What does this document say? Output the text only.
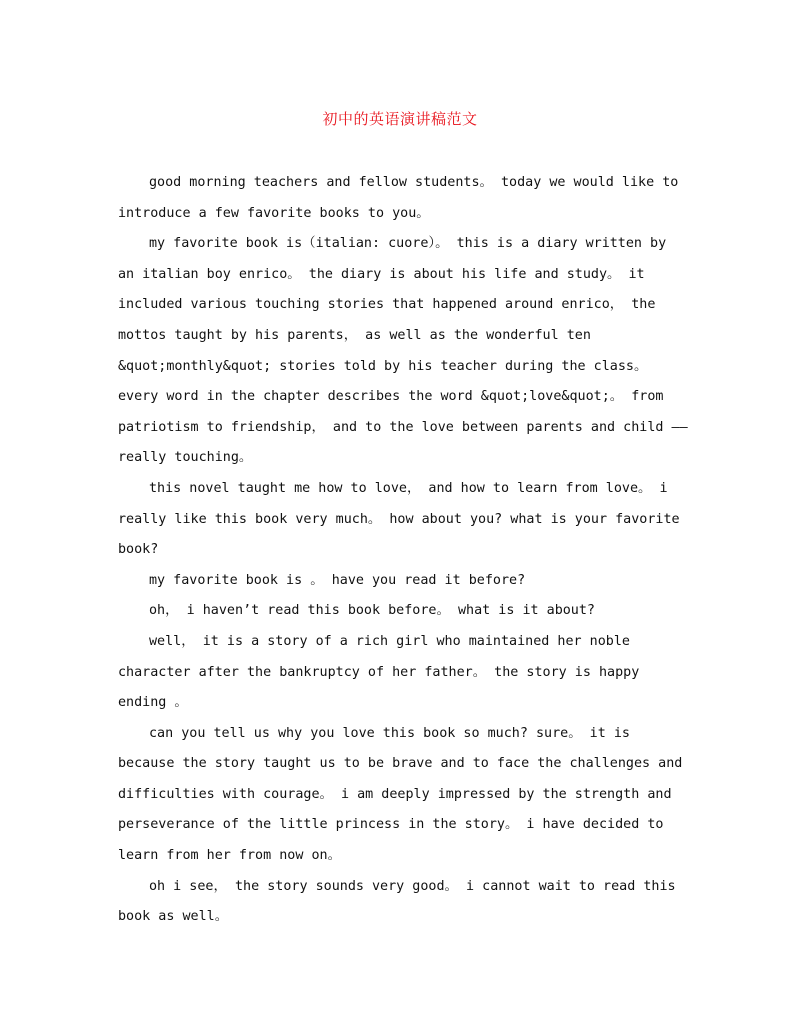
初中的英语演讲稿范文

good morning teachers and fellow students。 today we would like to introduce a few favorite books to you。

my favorite book is（italian: cuore）。 this is a diary written by an italian boy enrico。 the diary is about his life and study。 it included various touching stories that happened around enrico， the mottos taught by his parents， as well as the wonderful ten &quot;monthly&quot; stories told by his teacher during the class。 every word in the chapter describes the word &quot;love&quot;。 from patriotism to friendship， and to the love between parents and child —— really touching。

this novel taught me how to love， and how to learn from love。 i really like this book very much。 how about you? what is your favorite book?

my favorite book is 。 have you read it before?

oh， i haven’t read this book before。 what is it about?

well， it is a story of a rich girl who maintained her noble character after the bankruptcy of her father。 the story is happy ending 。

can you tell us why you love this book so much? sure。 it is because the story taught us to be brave and to face the challenges and difficulties with courage。 i am deeply impressed by the strength and perseverance of the little princess in the story。 i have decided to learn from her from now on。

oh i see， the story sounds very good。 i cannot wait to read this book as well。
